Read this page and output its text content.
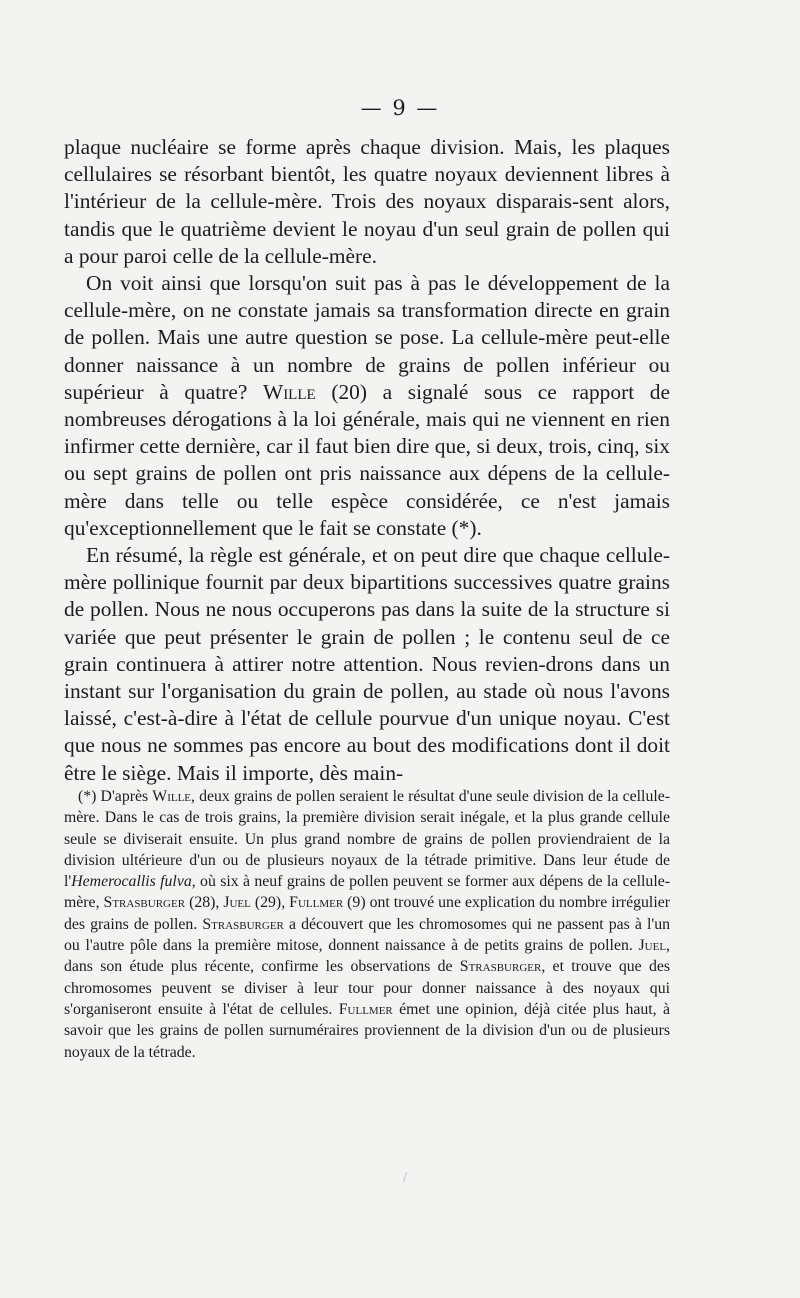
— 9 —

plaque nucléaire se forme après chaque division. Mais, les plaques cellulaires se résorbant bientôt, les quatre noyaux deviennent libres à l'intérieur de la cellule-mère. Trois des noyaux disparais-sent alors, tandis que le quatrième devient le noyau d'un seul grain de pollen qui a pour paroi celle de la cellule-mère.

On voit ainsi que lorsqu'on suit pas à pas le développement de la cellule-mère, on ne constate jamais sa transformation directe en grain de pollen. Mais une autre question se pose. La cellule-mère peut-elle donner naissance à un nombre de grains de pollen inférieur ou supérieur à quatre? Wille (20) a signalé sous ce rapport de nombreuses dérogations à la loi générale, mais qui ne viennent en rien infirmer cette dernière, car il faut bien dire que, si deux, trois, cinq, six ou sept grains de pollen ont pris naissance aux dépens de la cellule-mère dans telle ou telle espèce considérée, ce n'est jamais qu'exceptionnellement que le fait se constate (*).

En résumé, la règle est générale, et on peut dire que chaque cellule-mère pollinique fournit par deux bipartitions successives quatre grains de pollen. Nous ne nous occuperons pas dans la suite de la structure si variée que peut présenter le grain de pollen ; le contenu seul de ce grain continuera à attirer notre attention. Nous revien-drons dans un instant sur l'organisation du grain de pollen, au stade où nous l'avons laissé, c'est-à-dire à l'état de cellule pourvue d'un unique noyau. C'est que nous ne sommes pas encore au bout des modifications dont il doit être le siège. Mais il importe, dès main-

(*) D'après Wille, deux grains de pollen seraient le résultat d'une seule division de la cellule-mère. Dans le cas de trois grains, la première division serait inégale, et la plus grande cellule seule se diviserait ensuite. Un plus grand nombre de grains de pollen proviendraient de la division ultérieure d'un ou de plusieurs noyaux de la tétrade primitive. Dans leur étude de l'Hemerocallis fulva, où six à neuf grains de pollen peuvent se former aux dépens de la cellule-mère, Strasburger (28), Juel (29), Fullmer (9) ont trouvé une explication du nombre irrégulier des grains de pollen. Strasburger a découvert que les chromosomes qui ne passent pas à l'un ou l'autre pôle dans la première mitose, donnent naissance à de petits grains de pollen. Juel, dans son étude plus récente, confirme les observations de Strasburger, et trouve que des chromosomes peuvent se diviser à leur tour pour donner naissance à des noyaux qui s'organiseront ensuite à l'état de cellules. Fullmer émet une opinion, déjà citée plus haut, à savoir que les grains de pollen surnuméraires proviennent de la division d'un ou de plusieurs noyaux de la tétrade.

/
